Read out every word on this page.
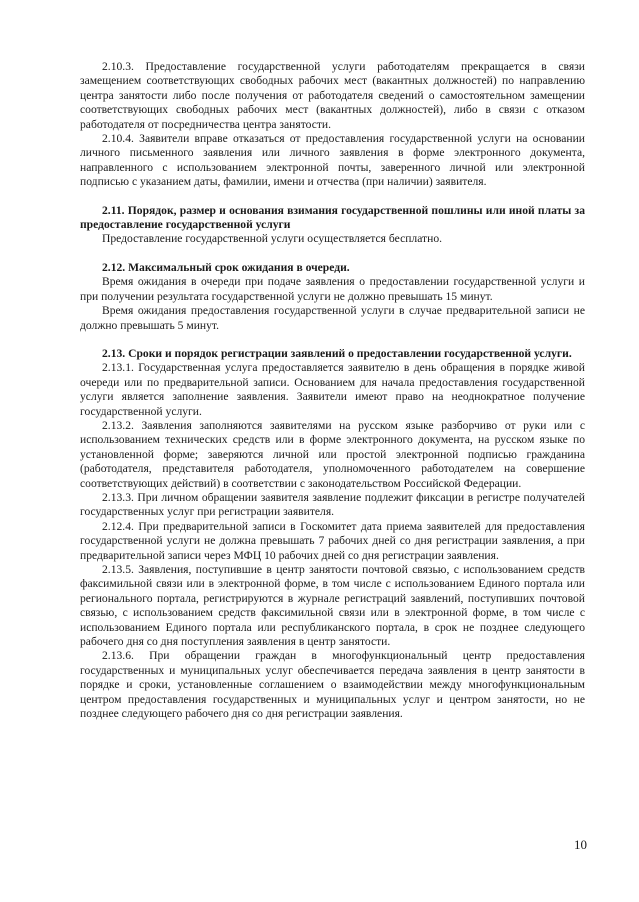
2.10.3. Предоставление государственной услуги работодателям прекращается в связи замещением соответствующих свободных рабочих мест (вакантных должностей) по направлению центра занятости либо после получения от работодателя сведений о самостоятельном замещении соответствующих свободных рабочих мест (вакантных должностей), либо в связи с отказом работодателя от посредничества центра занятости.

2.10.4. Заявители вправе отказаться от предоставления государственной услуги на основании личного письменного заявления или личного заявления в форме электронного документа, направленного с использованием электронной почты, заверенного личной или электронной подписью с указанием даты, фамилии, имени и отчества (при наличии) заявителя.

2.11. Порядок, размер и основания взимания государственной пошлины или иной платы за предоставление государственной услуги

Предоставление государственной услуги осуществляется бесплатно.

2.12. Максимальный срок ожидания в очереди.

Время ожидания в очереди при подаче заявления о предоставлении государственной услуги и при получении результата государственной услуги не должно превышать 15 минут.

Время ожидания предоставления государственной услуги в случае предварительной записи не должно превышать 5 минут.

2.13. Сроки и порядок регистрации заявлений о предоставлении государственной услуги.

2.13.1. Государственная услуга предоставляется заявителю в день обращения в порядке живой очереди или по предварительной записи. Основанием для начала предоставления государственной услуги является заполнение заявления. Заявители имеют право на неоднократное получение государственной услуги.

2.13.2. Заявления заполняются заявителями на русском языке разборчиво от руки или с использованием технических средств или в форме электронного документа, на русском языке по установленной форме; заверяются личной или простой электронной подписью гражданина (работодателя, представителя работодателя, уполномоченного работодателем на совершение соответствующих действий) в соответствии с законодательством Российской Федерации.

2.13.3. При личном обращении заявителя заявление подлежит фиксации в регистре получателей государственных услуг при регистрации заявителя.

2.12.4. При предварительной записи в Госкомитет дата приема заявителей для предоставления государственной услуги не должна превышать 7 рабочих дней со дня регистрации заявления, а при предварительной записи через МФЦ 10 рабочих дней со дня регистрации заявления.

2.13.5. Заявления, поступившие в центр занятости почтовой связью, с использованием средств факсимильной связи или в электронной форме, в том числе с использованием Единого портала или регионального портала, регистрируются в журнале регистраций заявлений, поступивших почтовой связью, с использованием средств факсимильной связи или в электронной форме, в том числе с использованием Единого портала или республиканского портала, в срок не позднее следующего рабочего дня со дня поступления заявления в центр занятости.

2.13.6. При обращении граждан в многофункциональный центр предоставления государственных и муниципальных услуг обеспечивается передача заявления в центр занятости в порядке и сроки, установленные соглашением о взаимодействии между многофункциональным центром предоставления государственных и муниципальных услуг и центром занятости, но не позднее следующего рабочего дня со дня регистрации заявления.

10
